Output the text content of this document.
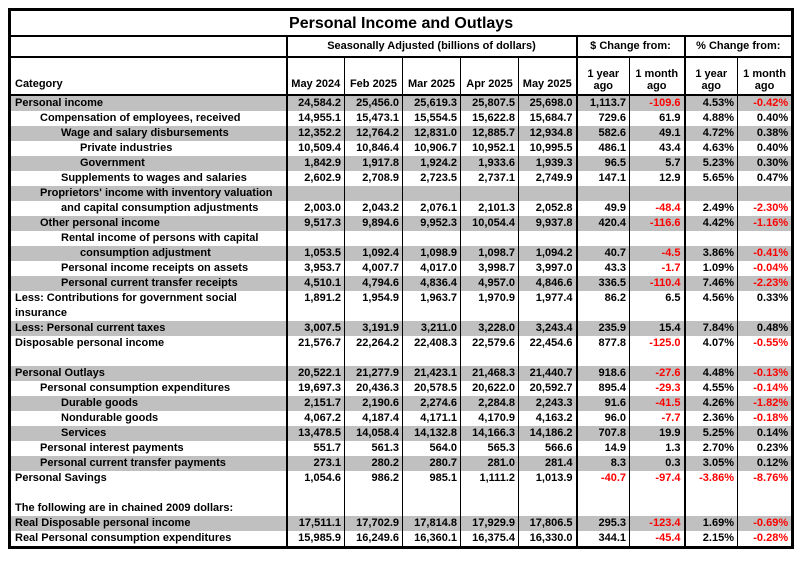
Personal Income and Outlays									
	Seasonally Adjusted (billions of dollars)					$ Change from:		% Change from:	
Category	May 2024	Feb 2025	Mar 2025	Apr 2025	May 2025	1 year ago	1 month ago	1 year ago	1 month ago
Personal income	24,584.2	25,456.0	25,619.3	25,807.5	25,698.0	1,113.7	-109.6	4.53%	-0.42%
Compensation of employees, received	14,955.1	15,473.1	15,554.5	15,622.8	15,684.7	729.6	61.9	4.88%	0.40%
Wage and salary disbursements	12,352.2	12,764.2	12,831.0	12,885.7	12,934.8	582.6	49.1	4.72%	0.38%
Private industries	10,509.4	10,846.4	10,906.7	10,952.1	10,995.5	486.1	43.4	4.63%	0.40%
Government	1,842.9	1,917.8	1,924.2	1,933.6	1,939.3	96.5	5.7	5.23%	0.30%
Supplements to wages and salaries	2,602.9	2,708.9	2,723.5	2,737.1	2,749.9	147.1	12.9	5.65%	0.47%
Proprietors' income with inventory valuation									
and capital consumption adjustments	2,003.0	2,043.2	2,076.1	2,101.3	2,052.8	49.9	-48.4	2.49%	-2.30%
Other personal income	9,517.3	9,894.6	9,952.3	10,054.4	9,937.8	420.4	-116.6	4.42%	-1.16%
Rental income of persons with capital									
consumption adjustment	1,053.5	1,092.4	1,098.9	1,098.7	1,094.2	40.7	-4.5	3.86%	-0.41%
Personal income receipts on assets	3,953.7	4,007.7	4,017.0	3,998.7	3,997.0	43.3	-1.7	1.09%	-0.04%
Personal current transfer receipts	4,510.1	4,794.6	4,836.4	4,957.0	4,846.6	336.5	-110.4	7.46%	-2.23%
Less: Contributions for government social	1,891.2	1,954.9	1,963.7	1,970.9	1,977.4	86.2	6.5	4.56%	0.33%
insurance									
Less: Personal current taxes	3,007.5	3,191.9	3,211.0	3,228.0	3,243.4	235.9	15.4	7.84%	0.48%
Disposable personal income	21,576.7	22,264.2	22,408.3	22,579.6	22,454.6	877.8	-125.0	4.07%	-0.55%

Personal Outlays	20,522.1	21,277.9	21,423.1	21,468.3	21,440.7	918.6	-27.6	4.48%	-0.13%
Personal consumption expenditures	19,697.3	20,436.3	20,578.5	20,622.0	20,592.7	895.4	-29.3	4.55%	-0.14%
Durable goods	2,151.7	2,190.6	2,274.6	2,284.8	2,243.3	91.6	-41.5	4.26%	-1.82%
Nondurable goods	4,067.2	4,187.4	4,171.1	4,170.9	4,163.2	96.0	-7.7	2.36%	-0.18%
Services	13,478.5	14,058.4	14,132.8	14,166.3	14,186.2	707.8	19.9	5.25%	0.14%
Personal interest payments	551.7	561.3	564.0	565.3	566.6	14.9	1.3	2.70%	0.23%
Personal current transfer payments	273.1	280.2	280.7	281.0	281.4	8.3	0.3	3.05%	0.12%
Personal Savings	1,054.6	986.2	985.1	1,111.2	1,013.9	-40.7	-97.4	-3.86%	-8.76%

The following are in chained 2009 dollars:									
Real Disposable personal income	17,511.1	17,702.9	17,814.8	17,929.9	17,806.5	295.3	-123.4	1.69%	-0.69%
Real Personal consumption expenditures	15,985.9	16,249.6	16,360.1	16,375.4	16,330.0	344.1	-45.4	2.15%	-0.28%
